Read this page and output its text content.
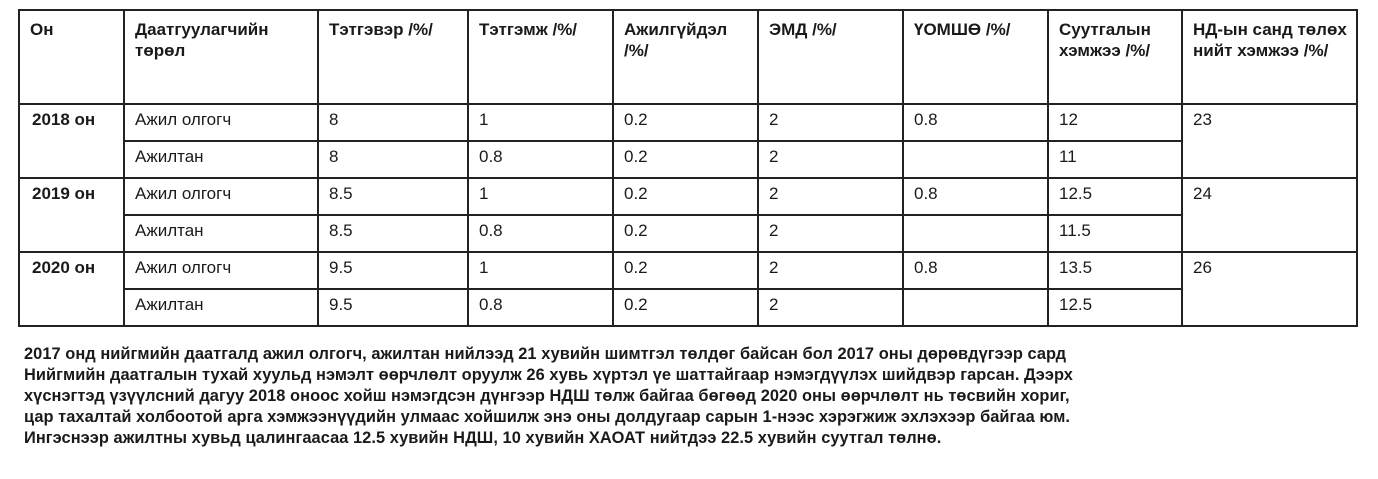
Он	Даатгуулагчийн төрөл	Тэтгэвэр /%/	Тэтгэмж /%/	Ажилгүйдэл /%/	ЭМД /%/	ҮОМШӨ /%/	Суутгалын хэмжээ /%/	НД-ын санд төлөх нийт хэмжээ /%/
2018 он	Ажил олгогч	8	1	0.2	2	0.8	12	23
	Ажилтан	8	0.8	0.2	2		11	
2019 он	Ажил олгогч	8.5	1	0.2	2	0.8	12.5	24
	Ажилтан	8.5	0.8	0.2	2		11.5	
2020 он	Ажил олгогч	9.5	1	0.2	2	0.8	13.5	26
	Ажилтан	9.5	0.8	0.2	2		12.5	
2017 онд нийгмийн даатгалд ажил олгогч, ажилтан нийлээд 21 хувийн шимтгэл төлдөг байсан бол 2017 оны дөрөвдүгээр сард
Нийгмийн даатгалын тухай хуульд нэмэлт өөрчлөлт оруулж 26 хувь хүртэл үе шаттайгаар нэмэгдүүлэх шийдвэр гарсан. Дээрх
хүснэгтэд үзүүлсний дагуу 2018 оноос хойш нэмэгдсэн дүнгээр НДШ төлж байгаа бөгөөд 2020 оны өөрчлөлт нь төсвийн хориг,
цар тахалтай холбоотой арга хэмжээнүүдийн улмаас хойшилж энэ оны долдугаар сарын 1-нээс хэрэгжиж эхлэхээр байгаа юм.
Ингэснээр ажилтны хувьд цалингаасаа 12.5 хувийн НДШ, 10 хувийн ХАОАТ нийтдээ 22.5 хувийн суутгал төлнө.
